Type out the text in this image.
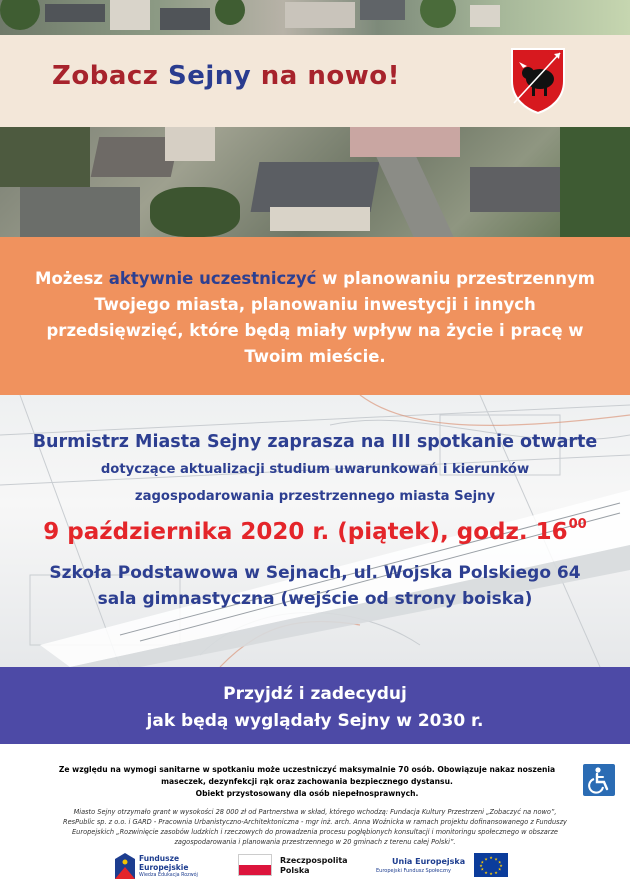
Zobacz Sejny na nowo!
Możesz aktywnie uczestniczyć w planowaniu przestrzennym
Twojego miasta, planowaniu inwestycji i innych
przedsięwzięć, które będą miały wpływ na życie i pracę w
Twoim mieście.
Burmistrz Miasta Sejny zaprasza na III spotkanie otwarte
dotyczące aktualizacji studium uwarunkowań i kierunków
zagospodarowania przestrzennego miasta Sejny
9 października 2020 r. (piątek), godz. $16^{00}$
Szkoła Podstawowa w Sejnach, ul. Wojska Polskiego 64
sala gimnastyczna (wejście od strony boiska)
Przyjdź i zadecyduj
jak będą wyglądały Sejny w 2030 r.
Ze względu na wymogi sanitarne w spotkaniu może uczestniczyć maksymalnie 70 osób. Obowiązuje nakaz noszenia
maseczek, dezynfekcji rąk oraz zachowania bezpiecznego dystansu.
Obiekt przystosowany dla osób niepełnosprawnych.
Miasto Sejny otrzymało grant w wysokości 28 000 zł od Partnerstwa w skład, którego wchodzą: Fundacja Kultury Przestrzeni „Zobaczyć na nowo”,
ResPublic sp. z o.o. i GARD - Pracownia Urbanistyczno-Architektoniczna - mgr inż. arch. Anna Woźnicka w ramach projektu dofinansowanego z Funduszy
Europejskich „Rozwinięcie zasobów ludzkich i rzeczowych do prowadzenia procesu pogłębionych konsultacji i monitoringu społecznego w obszarze
zagospodarowania i planowania przestrzennego w 20 gminach z terenu całej Polski”.
Fundusze
Europejskie
Wiedza Edukacja Rozwój
Rzeczpospolita
Polska
Unia Europejska
Europejski Fundusz Społeczny
★ ★
★
★
★
★
★
★
★
★
★
★
